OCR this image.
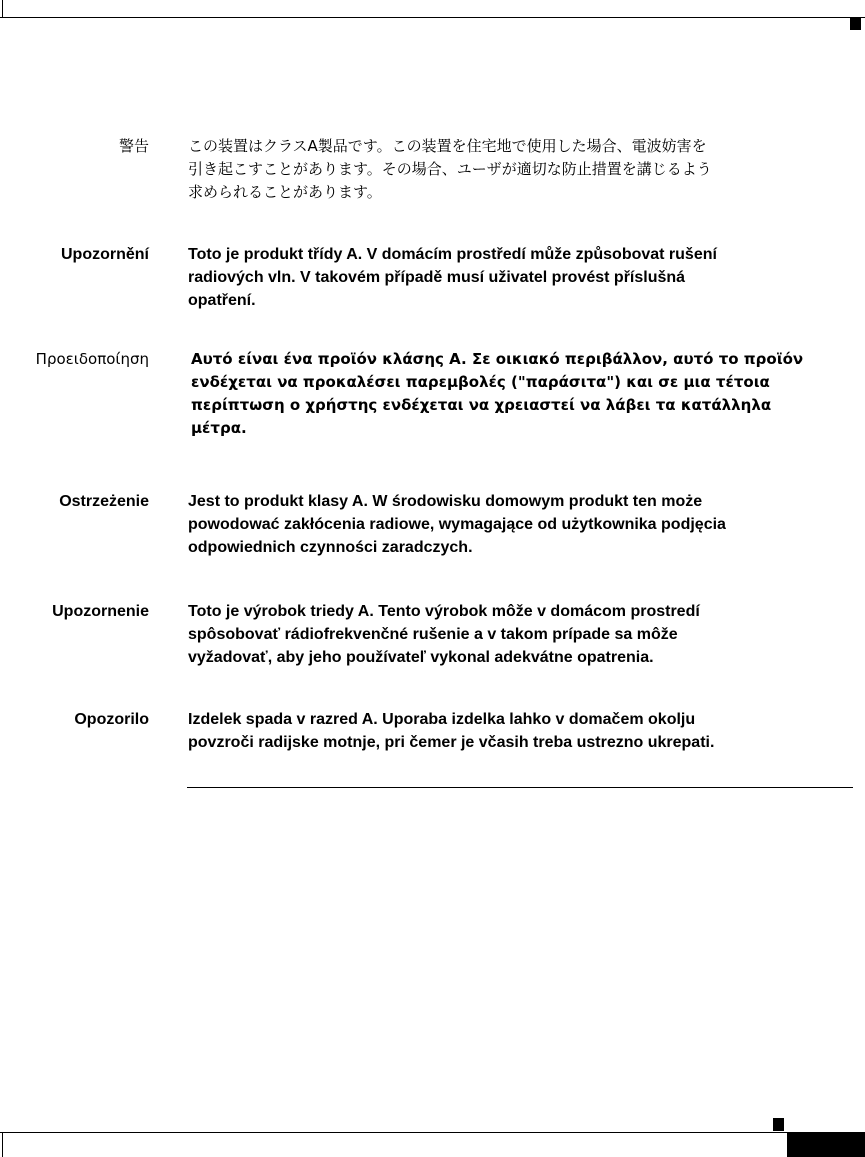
警告	この装置はクラスA製品です。この装置を住宅地で使用した場合、電波妨害を
引き起こすことがあります。その場合、ユーザが適切な防止措置を講じるよう
求められることがあります。
Upozornění Toto je produkt třídy A. V domácím prostředí může způsobovat rušení
radiových vln. V takovém případě musí uživatel provést příslušná
opatření.
Προειδοποίηση	Αυτό είναι ένα προϊόν κλάσης A. Σε οικιακό περιβάλλον, αυτό το προϊόν
ενδέχεται να προκαλέσει παρεμβολές ("παράσιτα") και σε μια τέτοια
περίπτωση ο χρήστης ενδέχεται να χρειαστεί να λάβει τα κατάλληλα
μέτρα.
Ostrzeżenie Jest to produkt klasy A. W środowisku domowym produkt ten może
powodować zakłócenia radiowe, wymagające od użytkownika podjęcia
odpowiednich czynności zaradczych.
Upozornenie Toto je výrobok triedy A. Tento výrobok môže v domácom prostredí
spôsobovať rádiofrekvenčné rušenie a v takom prípade sa môže
vyžadovať, aby jeho používateľ vykonal adekvátne opatrenia.
Opozorilo Izdelek spada v razred A. Uporaba izdelka lahko v domačem okolju
povzroči radijske motnje, pri čemer je včasih treba ustrezno ukrepati.
